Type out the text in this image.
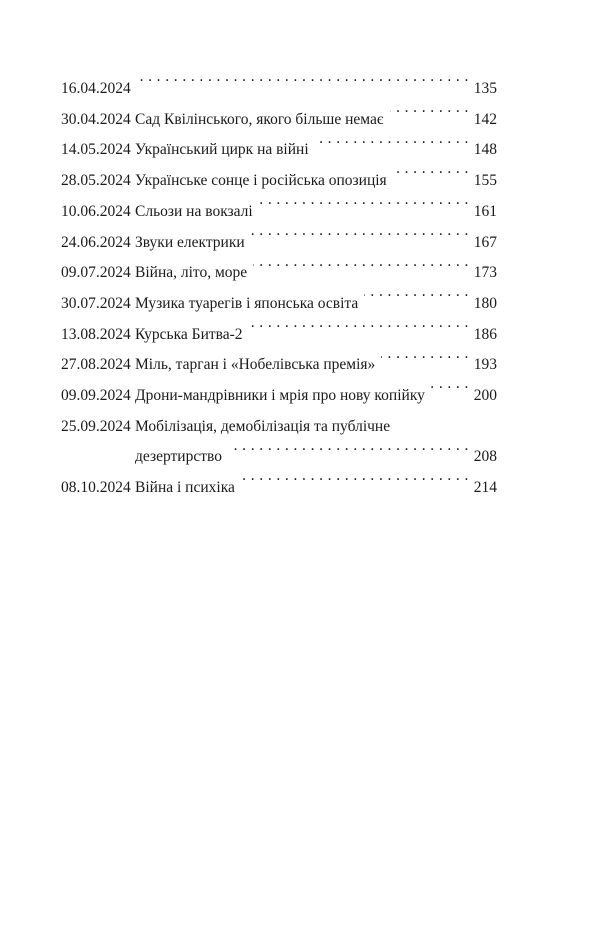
16.04.2024 . . .	135
30.04.2024 Сад Квілінського, якого більше немає . . .	142
14.05.2024 Український цирк на війні . . .	148
28.05.2024 Українське сонце і російська опозиція . . .	155
10.06.2024 Сльози на вокзалі . . .	161
24.06.2024 Звуки електрики . . .	167
09.07.2024 Війна, літо, море . . .	173
30.07.2024 Музика туарегів і японська освіта . . .	180
13.08.2024 Курська Битва-2 . . .	186
27.08.2024 Міль, тарган і «Нобелівська премія» . . .	193
09.09.2024 Дрони-мандрівники і мрія про нову копійку . . .	200
25.09.2024 Мобілізація, демобілізація та публічне
дезертирство . . .	208
08.10.2024 Війна і психіка . . .	214
